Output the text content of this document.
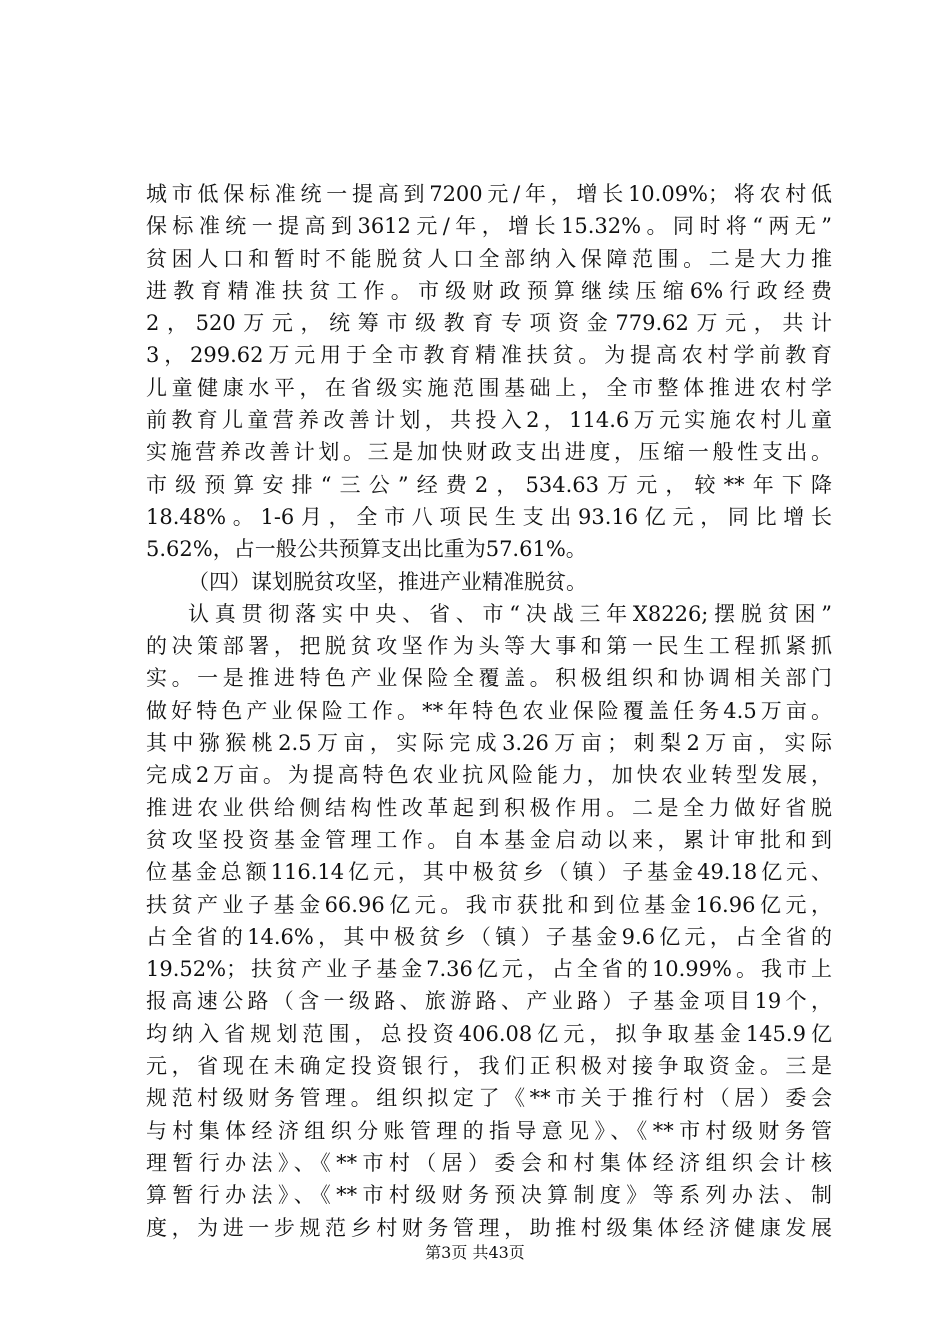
城市低保标准统一提高到7200元/年，增长10.09%；将农村低
保标准统一提高到3612元/年，增长15.32%。同时将“两无”
贫困人口和暂时不能脱贫人口全部纳入保障范围。二是大力推
进教育精准扶贫工作。市级财政预算继续压缩6%行政经费
2，520万元，统筹市级教育专项资金779.62万元，共计
3，299.62万元用于全市教育精准扶贫。为提高农村学前教育
儿童健康水平，在省级实施范围基础上，全市整体推进农村学
前教育儿童营养改善计划，共投入2，114.6万元实施农村儿童
实施营养改善计划。三是加快财政支出进度，压缩一般性支出。
市级预算安排“三公”经费2，534.63万元，较**年下降
18.48%。1-6月，全市八项民生支出93.16亿元，同比增长
5.62%，占一般公共预算支出比重为57.61%。
（四）谋划脱贫攻坚，推进产业精准脱贫。
认真贯彻落实中央、省、市“决战三年X8226;摆脱贫困”
的决策部署，把脱贫攻坚作为头等大事和第一民生工程抓紧抓
实。一是推进特色产业保险全覆盖。积极组织和协调相关部门
做好特色产业保险工作。**年特色农业保险覆盖任务4.5万亩。
其中猕猴桃2.5万亩，实际完成3.26万亩；刺梨2万亩，实际
完成2万亩。为提高特色农业抗风险能力，加快农业转型发展，
推进农业供给侧结构性改革起到积极作用。二是全力做好省脱
贫攻坚投资基金管理工作。自本基金启动以来，累计审批和到
位基金总额116.14亿元，其中极贫乡（镇）子基金49.18亿元、
扶贫产业子基金66.96亿元。我市获批和到位基金16.96亿元，
占全省的14.6%，其中极贫乡（镇）子基金9.6亿元，占全省的
19.52%；扶贫产业子基金7.36亿元，占全省的10.99%。我市上
报高速公路（含一级路、旅游路、产业路）子基金项目19个，
均纳入省规划范围，总投资406.08亿元，拟争取基金145.9亿
元，省现在未确定投资银行，我们正积极对接争取资金。三是
规范村级财务管理。组织拟定了《**市关于推行村（居）委会
与村集体经济组织分账管理的指导意见》、《**市村级财务管
理暂行办法》、《**市村（居）委会和村集体经济组织会计核
算暂行办法》、《**市村级财务预决算制度》等系列办法、制
度，为进一步规范乡村财务管理，助推村级集体经济健康发展
第3页 共43页
